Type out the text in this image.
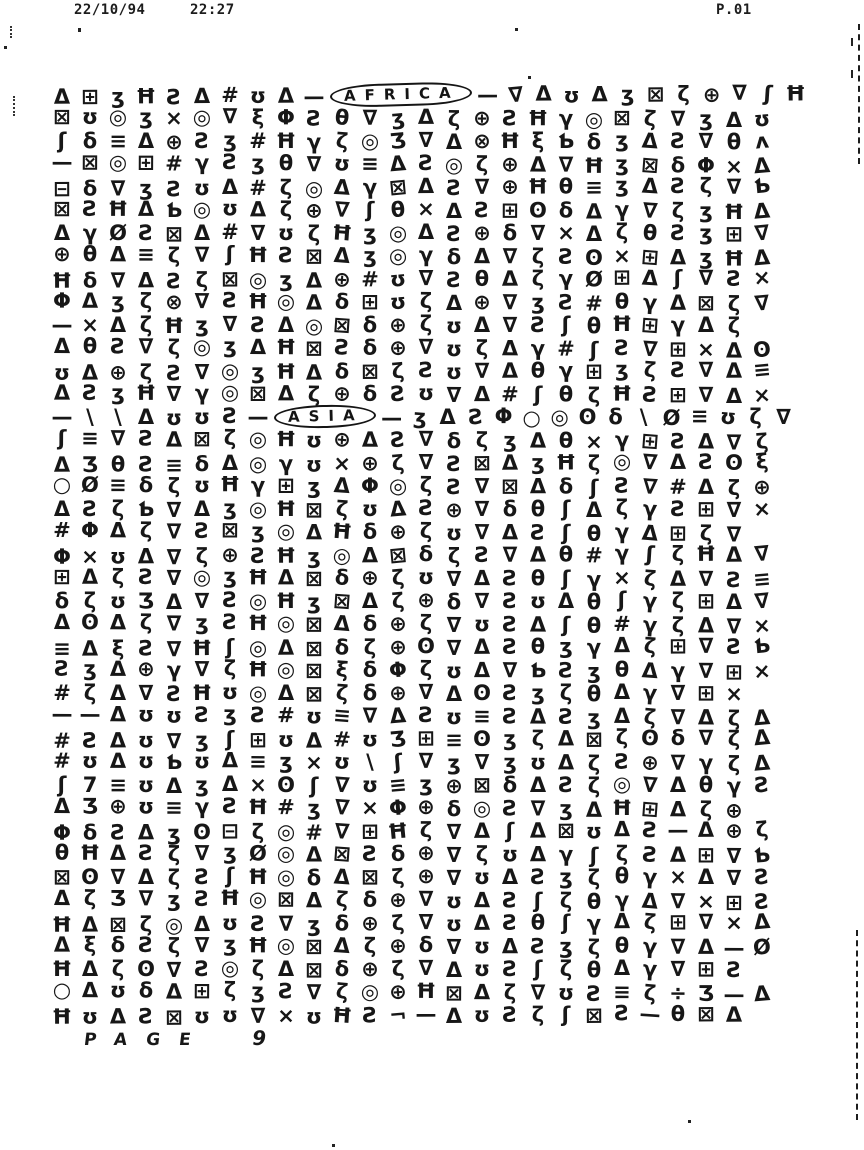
22/10/94	22:27	P.01
Δ ⊞ ʒ Ħ Ƨ Δ # ʊ Δ — AFRICA — ∇ Δ ʊ Δ ʒ ⊠ ζ ⊕ ∇ ʃ Ħ
⊠ ʊ ◎ ʒ × ◎ ∇ ξ Φ Ƨ θ ∇ ʒ Δ ζ ⊕ Ƨ Ħ γ ◎ ⊠ ζ ∇ ʒ Δ ʊ
ʃ δ ≡ Δ ⊕ Ƨ ʒ # Ħ γ ζ ◎ Ʒ ∇ Δ ⊗ Ħ ξ Ƅ δ ʒ Δ Ƨ ∇ θ ʌ
— ⊠ ◎ ⊞ # γ Ƨ ʒ θ ∇ ʊ ≡ Δ Ƨ ◎ ζ ⊕ Δ ∇ Ħ ʒ ⊠ δ Φ × Δ
⊟ δ ∇ ʒ Ƨ ʊ Δ # ζ ◎ Δ γ ⊠ Δ Ƨ ∇ ⊕ Ħ θ ≡ ʒ Δ Ƨ ζ ∇ Ƅ
⊠ Ƨ Ħ Δ Ƅ ◎ ʊ Δ ζ ⊕ ∇ ʃ θ × Δ Ƨ ⊞ ʘ δ Δ γ ∇ ζ ʒ Ħ Δ
Δ γ Ø Ƨ ⊠ Δ # ∇ ʊ ζ Ħ ʒ ◎ Δ Ƨ ⊕ δ ∇ × Δ ζ θ Ƨ ʒ ⊞ ∇
⊕ θ Δ ≡ ζ ∇ ʃ Ħ Ƨ ⊠ Δ ʒ ◎ γ δ Δ ∇ ζ Ƨ ʘ × ⊞ Δ ʒ Ħ Δ
Ħ δ ∇ Δ Ƨ ζ ⊠ ◎ ʒ Δ ⊕ # ʊ ∇ Ƨ θ Δ ζ γ Ø ⊞ Δ ʃ ∇ Ƨ ×
Φ Δ ʒ ζ ⊗ ∇ Ƨ Ħ ◎ Δ δ ⊞ ʊ ζ Δ ⊕ ∇ ʒ Ƨ # θ γ Δ ⊠ ζ ∇
— × Δ ζ Ħ ʒ ∇ Ƨ Δ ◎ ⊠ δ ⊕ ζ ʊ Δ ∇ Ƨ ʃ θ Ħ ⊞ γ Δ ζ
Δ θ Ƨ ∇ ζ ◎ ʒ Δ Ħ ⊠ Ƨ δ ⊕ ∇ ʊ ζ Δ γ # ʃ Ƨ ∇ ⊞ × Δ ʘ
ʊ Δ ⊕ ζ Ƨ ∇ ◎ ʒ Ħ Δ δ ⊠ ζ Ƨ ʊ ∇ Δ θ γ ⊞ ʒ ζ Ƨ ∇ Δ ≡
Δ Ƨ ʒ Ħ ∇ γ ◎ ⊠ Δ ζ ⊕ δ Ƨ ʊ ∇ Δ # ʃ θ ζ Ħ Ƨ ⊞ ∇ Δ ×
— \ \ Δ ʊ ʊ Ƨ — ASIA — ʒ Δ Ƨ Φ ○ ◎ ʘ δ \ Ø ≡ ʊ ζ ∇
ʃ ≡ ∇ Ƨ Δ ⊠ ζ ◎ Ħ ʊ ⊕ Δ Ƨ ∇ δ ζ ʒ Δ θ × γ ⊞ Ƨ Δ ∇ ζ
Δ Ʒ θ Ƨ ≡ δ Δ ◎ γ ʊ × ⊕ ζ ∇ Ƨ ⊠ Δ ʒ Ħ ζ ◎ ∇ Δ Ƨ ʘ ξ
○ Ø ≡ δ ζ ʊ Ħ γ ⊞ ʒ Δ Φ ◎ ζ Ƨ ∇ ⊠ Δ δ ʃ Ƨ ∇ # Δ ζ ⊕
Δ Ƨ ζ Ƅ ∇ Δ ʒ ◎ Ħ ⊠ ζ ʊ Δ Ƨ ⊕ ∇ δ θ ʃ Δ ζ γ Ƨ ⊞ ∇ ×
# Φ Δ ζ ∇ Ƨ ⊠ ʒ ◎ Δ Ħ δ ⊕ ζ ʊ ∇ Δ Ƨ ʃ θ γ Δ ⊞ ζ ∇
Φ × ʊ Δ ∇ ζ ⊕ Ƨ Ħ ʒ ◎ Δ ⊠ δ ζ Ƨ ∇ Δ θ # γ ʃ ζ Ħ Δ ∇
⊞ Δ ζ Ƨ ∇ ◎ ʒ Ħ Δ ⊠ δ ⊕ ζ ʊ ∇ Δ Ƨ θ ʃ γ × ζ Δ ∇ Ƨ ≡
δ ζ ʊ Ʒ Δ ∇ Ƨ ◎ Ħ ʒ ⊠ Δ ζ ⊕ δ ∇ Ƨ ʊ Δ θ ʃ γ ζ ⊞ Δ ∇
Δ ʘ Δ ζ ∇ ʒ Ƨ Ħ ◎ ⊠ Δ δ ⊕ ζ ∇ ʊ Ƨ Δ ʃ θ # γ ζ Δ ∇ ×
≡ Δ ξ Ƨ ∇ Ħ ʃ ◎ Δ ⊠ δ ζ ⊕ ʘ ∇ Δ Ƨ θ ʒ γ Δ ζ ⊞ ∇ Ƨ Ƅ
Ƨ ʒ Δ ⊕ γ ∇ ζ Ħ ◎ ⊠ ξ δ Φ ζ ʊ Δ ∇ Ƅ Ƨ ʒ θ Δ γ ∇ ⊞ ×
# ζ Δ ∇ Ƨ Ħ ʊ ◎ Δ ⊠ ζ δ ⊕ ∇ Δ ʘ Ƨ ʒ ζ θ Δ γ ∇ ⊞ ×
— — Δ ʊ ʊ Ƨ ʒ Ƨ # ʊ ≡ ∇ Δ Ƨ ʊ ≡ Ƨ Δ Ƨ ʒ Δ ζ ∇ Δ ζ Δ
# Ƨ Δ ʊ ∇ ʒ ʃ ⊞ ʊ Δ # ʊ Ʒ ⊞ ≡ ʘ ʒ ζ Δ ⊠ ζ ʘ δ ∇ ζ Δ
# ʊ Δ ʊ Ƅ ʊ Δ ≡ ʒ × ʊ \ ʃ ∇ ʒ ∇ ʒ ʊ Δ ζ Ƨ ⊕ ∇ γ ζ Δ
ʃ 7 ≡ ʊ Δ ʒ Δ × ʘ ʃ ∇ ʊ ≡ ʒ ⊕ ⊠ δ Δ Ƨ ζ ◎ ∇ Δ θ γ Ƨ
Δ Ʒ ⊕ ʊ ≡ γ Ƨ Ħ # ʒ ∇ × Φ ⊕ δ ◎ Ƨ ∇ ʒ Δ Ħ ⊞ Δ ζ ⊕
Φ δ Ƨ Δ ʒ ʘ ⊟ ζ ◎ # ∇ ⊞ Ħ ζ ∇ Δ ʃ Δ ⊠ ʊ Δ Ƨ — Δ ⊕ ζ
θ Ħ Δ Ƨ ζ ∇ ʒ Ø ◎ Δ ⊠ Ƨ δ ⊕ ∇ ζ ʊ Δ γ ʃ ζ Ƨ Δ ⊞ ∇ Ƅ
⊠ ʘ ∇ Δ ζ Ƨ ʃ Ħ ◎ δ Δ ⊠ ζ ⊕ ∇ ʊ Δ Ƨ ʒ ζ θ γ × Δ ∇ Ƨ
Δ ζ Ʒ ∇ ʒ Ƨ Ħ ◎ ⊠ Δ ζ δ ⊕ ∇ ʊ Δ Ƨ ʃ ζ θ γ Δ ∇ × ⊞ Ƨ
Ħ Δ ⊠ ζ ◎ Δ ʊ Ƨ ∇ ʒ δ ⊕ ζ ∇ ʊ Δ Ƨ θ ʃ γ Δ ζ ⊞ ∇ × Δ
Δ ξ δ Ƨ ζ ∇ ʒ Ħ ◎ ⊠ Δ ζ ⊕ δ ∇ ʊ Δ Ƨ ʒ ζ θ γ ∇ Δ — Ø
Ħ Δ ζ ʘ ∇ Ƨ ◎ ζ Δ ⊠ δ ⊕ ζ ∇ Δ ʊ Ƨ ʃ ζ θ Δ γ ∇ ⊞ Ƨ
○ Δ ʊ δ Δ ⊞ ζ ʒ Ƨ ∇ ζ ◎ ⊕ Ħ ⊠ Δ ζ ∇ ʊ Ƨ ≡ ζ ÷ Ʒ — Δ
Ħ ʊ Δ Ƨ ⊠ ʊ ʊ ∇ × ʊ Ħ Ƨ ¬ — Δ ʊ Ƨ ζ ʃ ⊠ Ƨ — θ ⊠ Δ
PAGE 9
